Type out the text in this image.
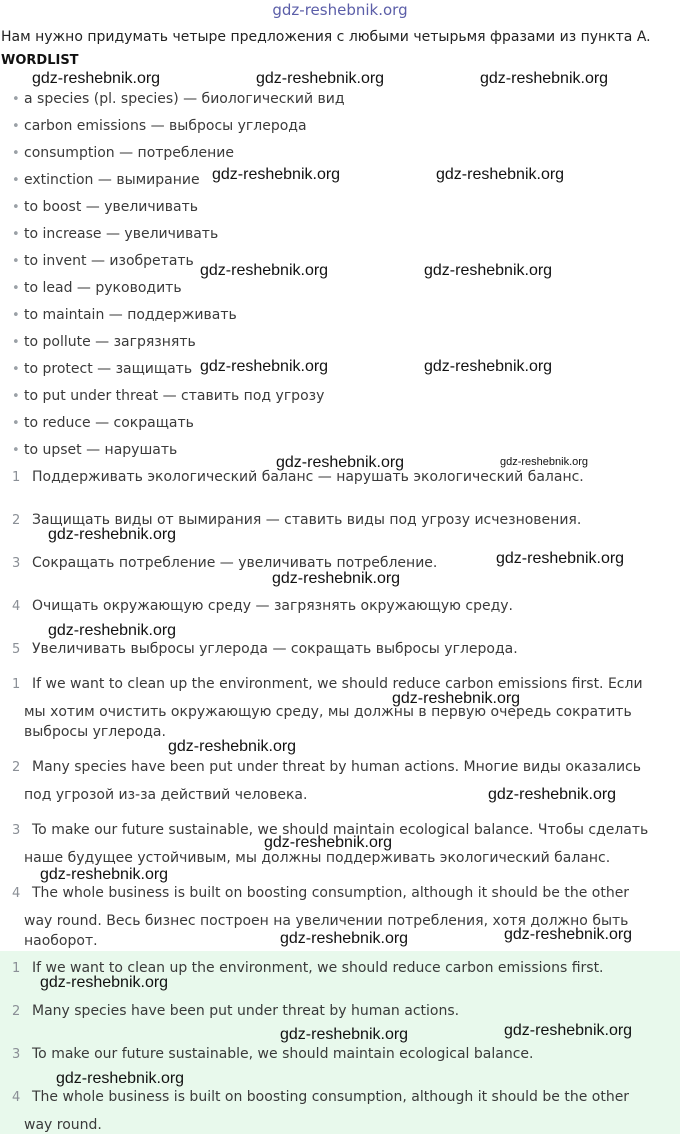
gdz-reshebnik.org
Нам нужно придумать четыре предложения с любыми четырьмя фразами из пункта A.
WORDLIST
• a species (pl. species) — биологический вид
• carbon emissions — выбросы углерода
• consumption — потребление
• extinction — вымирание
• to boost — увеличивать
• to increase — увеличивать
• to invent — изобретать
• to lead — руководить
• to maintain — поддерживать
• to pollute — загрязнять
• to protect — защищать
• to put under threat — ставить под угрозу
• to reduce — сокращать
• to upset — нарушать
1 Поддерживать экологический баланс — нарушать экологический баланс.
2 Защищать виды от вымирания — ставить виды под угрозу исчезновения.
3 Сокращать потребление — увеличивать потребление.
4 Очищать окружающую среду — загрязнять окружающую среду.
5 Увеличивать выбросы углерода — сокращать выбросы углерода.
1 If we want to clean up the environment, we should reduce carbon emissions first. Если
мы хотим очистить окружающую среду, мы должны в первую очередь сократить
выбросы углерода.
2 Many species have been put under threat by human actions. Многие виды оказались
под угрозой из-за действий человека.
3 To make our future sustainable, we should maintain ecological balance. Чтобы сделать
наше будущее устойчивым, мы должны поддерживать экологический баланс.
4 The whole business is built on boosting consumption, although it should be the other
way round. Весь бизнес построен на увеличении потребления, хотя должно быть
наоборот.
1 If we want to clean up the environment, we should reduce carbon emissions first.
2 Many species have been put under threat by human actions.
3 To make our future sustainable, we should maintain ecological balance.
4 The whole business is built on boosting consumption, although it should be the other
way round.
gdz-reshebnik.org	gdz-reshebnik.org	gdz-reshebnik.org
gdz-reshebnik.org	gdz-reshebnik.org
gdz-reshebnik.org	gdz-reshebnik.org
gdz-reshebnik.org	gdz-reshebnik.org
gdz-reshebnik.org	gdz-reshebnik.org
gdz-reshebnik.org
gdz-reshebnik.org
gdz-reshebnik.org
gdz-reshebnik.org
gdz-reshebnik.org
gdz-reshebnik.org
gdz-reshebnik.org
gdz-reshebnik.org
gdz-reshebnik.org
gdz-reshebnik.org
gdz-reshebnik.org
gdz-reshebnik.org
gdz-reshebnik.org
gdz-reshebnik.org
gdz-reshebnik.org
